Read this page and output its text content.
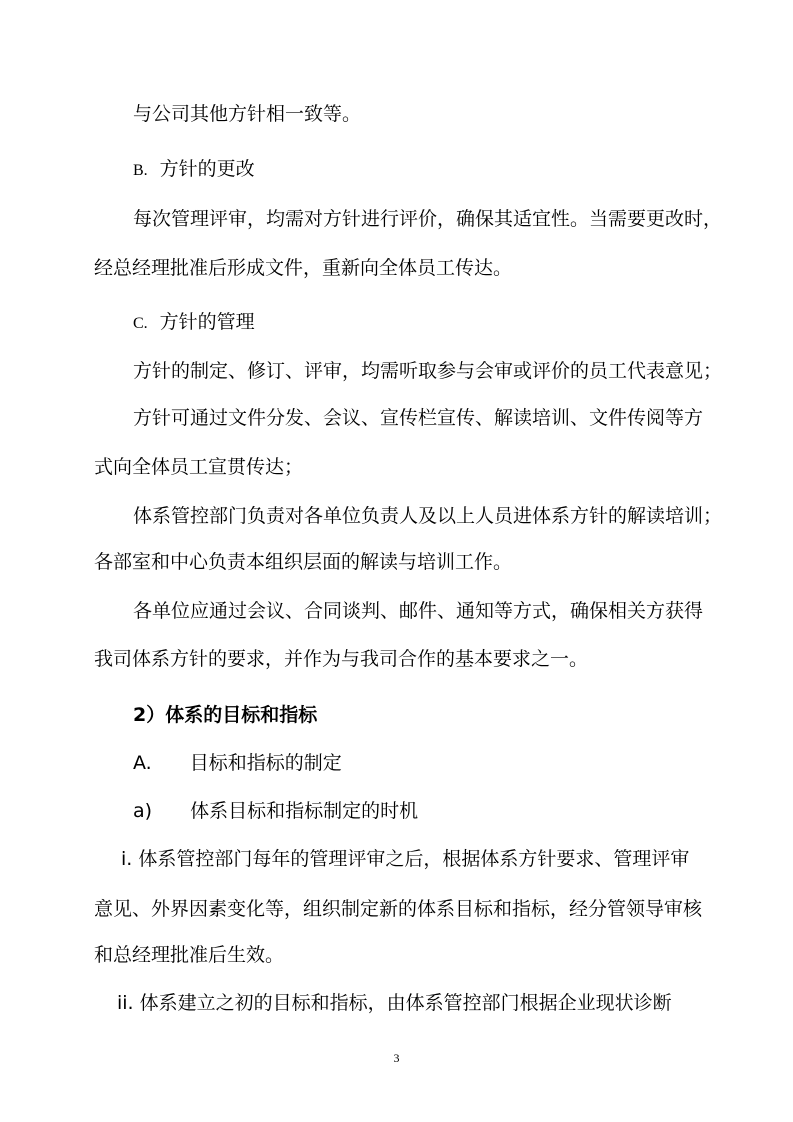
与公司其他方针相一致等。
B. 方针的更改
每次管理评审，均需对方针进行评价，确保其适宜性。当需要更改时，
经总经理批准后形成文件，重新向全体员工传达。
C. 方针的管理
方针的制定、修订、评审，均需听取参与会审或评价的员工代表意见；
方针可通过文件分发、会议、宣传栏宣传、解读培训、文件传阅等方
式向全体员工宣贯传达；
体系管控部门负责对各单位负责人及以上人员进体系方针的解读培训；
各部室和中心负责本组织层面的解读与培训工作。
各单位应通过会议、合同谈判、邮件、通知等方式，确保相关方获得
我司体系方针的要求，并作为与我司合作的基本要求之一。
2）体系的目标和指标
A. 目标和指标的制定
a) 体系目标和指标制定的时机
i. 体系管控部门每年的管理评审之后，根据体系方针要求、管理评审
意见、外界因素变化等，组织制定新的体系目标和指标，经分管领导审核
和总经理批准后生效。
ii. 体系建立之初的目标和指标，由体系管控部门根据企业现状诊断
3
